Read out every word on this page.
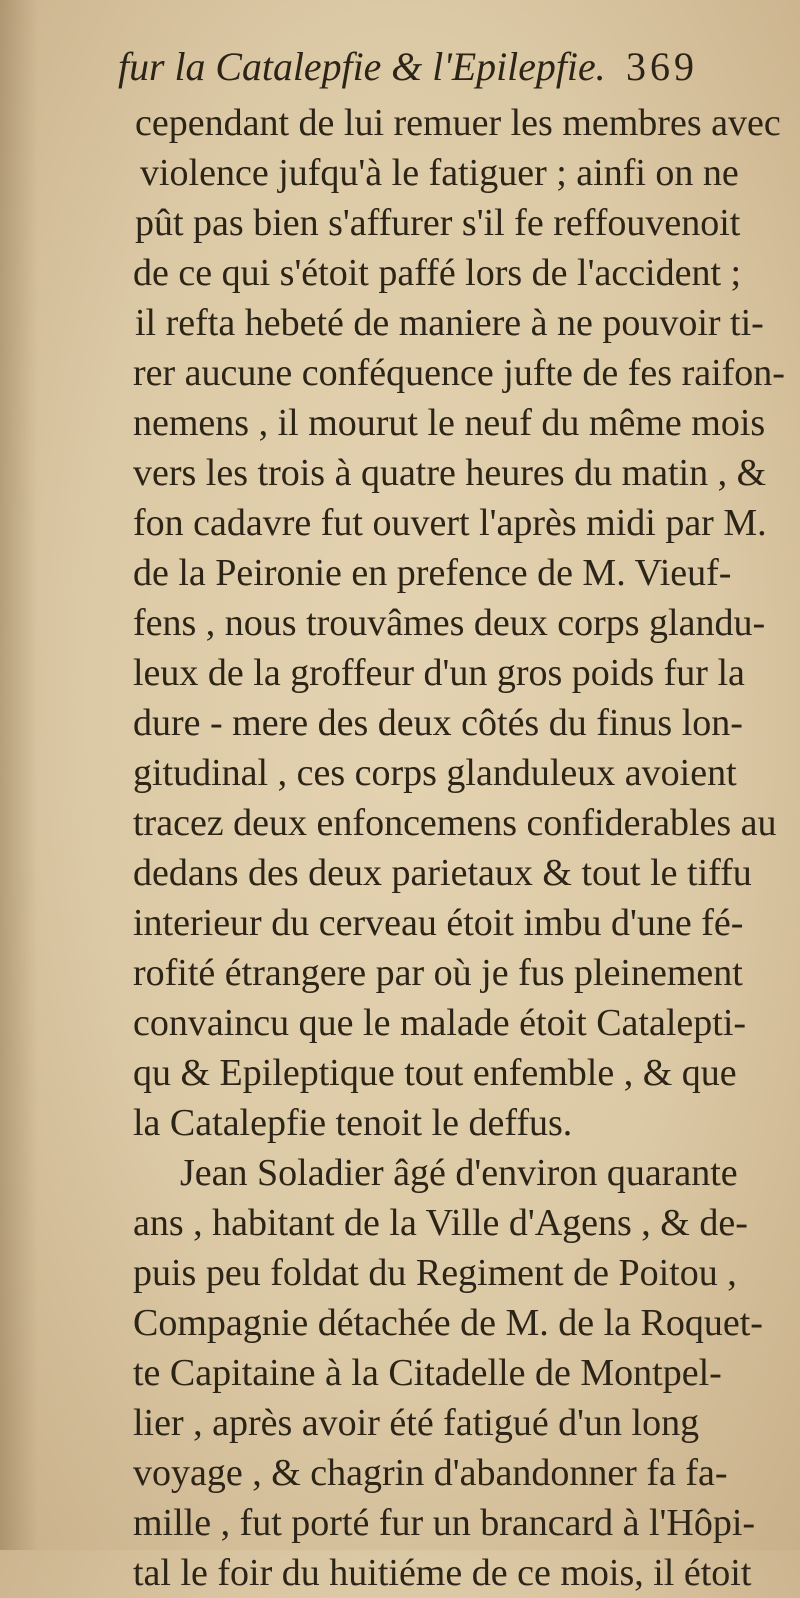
fur la Catalepfie & l'Epilepfie. 369
cependant de lui remuer les membres avec
violence jufqu'à le fatiguer ; ainfi on ne
pût pas bien s'affurer s'il fe reffouvenoit
de ce qui s'étoit paffé lors de l'accident ;
il refta hebeté de maniere à ne pouvoir ti-
rer aucune conféquence jufte de fes raifon-
nemens , il mourut le neuf du même mois
vers les trois à quatre heures du matin , &
fon cadavre fut ouvert l'après midi par M.
de la Peironie en prefence de M. Vieuf-
fens , nous trouvâmes deux corps glandu-
leux de la groffeur d'un gros poids fur la
dure - mere des deux côtés du finus lon-
gitudinal , ces corps glanduleux avoient
tracez deux enfoncemens confiderables au
dedans des deux parietaux & tout le tiffu
interieur du cerveau étoit imbu d'une fé-
rofité étrangere par où je fus pleinement
convaincu que le malade étoit Catalepti-
qu & Epileptique tout enfemble , & que
la Catalepfie tenoit le deffus.
Jean Soladier âgé d'environ quarante
ans , habitant de la Ville d'Agens , & de-
puis peu foldat du Regiment de Poitou ,
Compagnie détachée de M. de la Roquet-
te Capitaine à la Citadelle de Montpel-
lier , après avoir été fatigué d'un long
voyage , & chagrin d'abandonner fa fa-
mille , fut porté fur un brancard à l'Hôpi-
tal le foir du huitiéme de ce mois, il étoit
